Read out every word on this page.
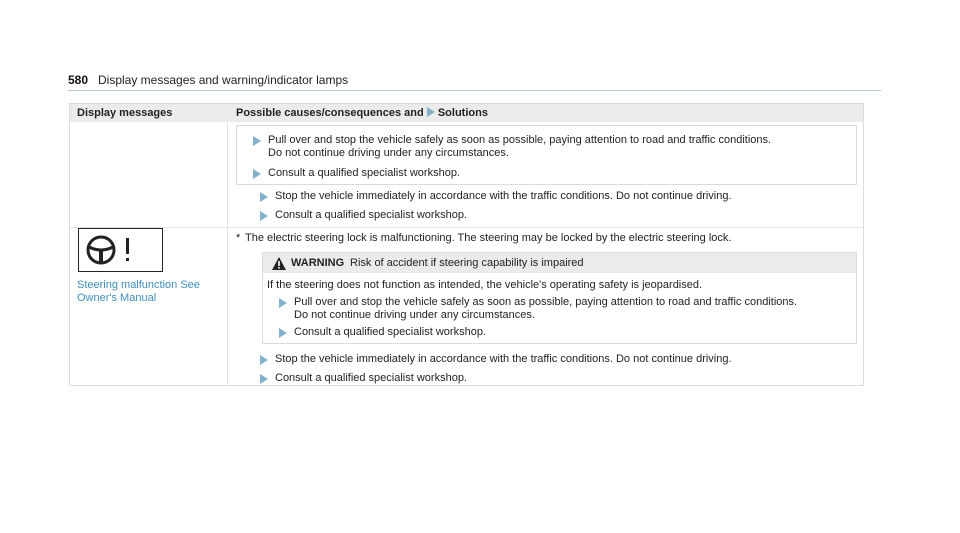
580 Display messages and warning/indicator lamps
Display messages	Possible causes/consequences and Solutions
Pull over and stop the vehicle safely as soon as possible, paying attention to road and traffic conditions.
Do not continue driving under any circumstances.
Consult a qualified specialist workshop.
Stop the vehicle immediately in accordance with the traffic conditions. Do not continue driving.
Consult a qualified specialist workshop.
Steering malfunction See
Owner's Manual
* The electric steering lock is malfunctioning. The steering may be locked by the electric steering lock.
WARNING Risk of accident if steering capability is impaired
If the steering does not function as intended, the vehicle's operating safety is jeopardised.
Pull over and stop the vehicle safely as soon as possible, paying attention to road and traffic conditions.
Do not continue driving under any circumstances.
Consult a qualified specialist workshop.
Stop the vehicle immediately in accordance with the traffic conditions. Do not continue driving.
Consult a qualified specialist workshop.
